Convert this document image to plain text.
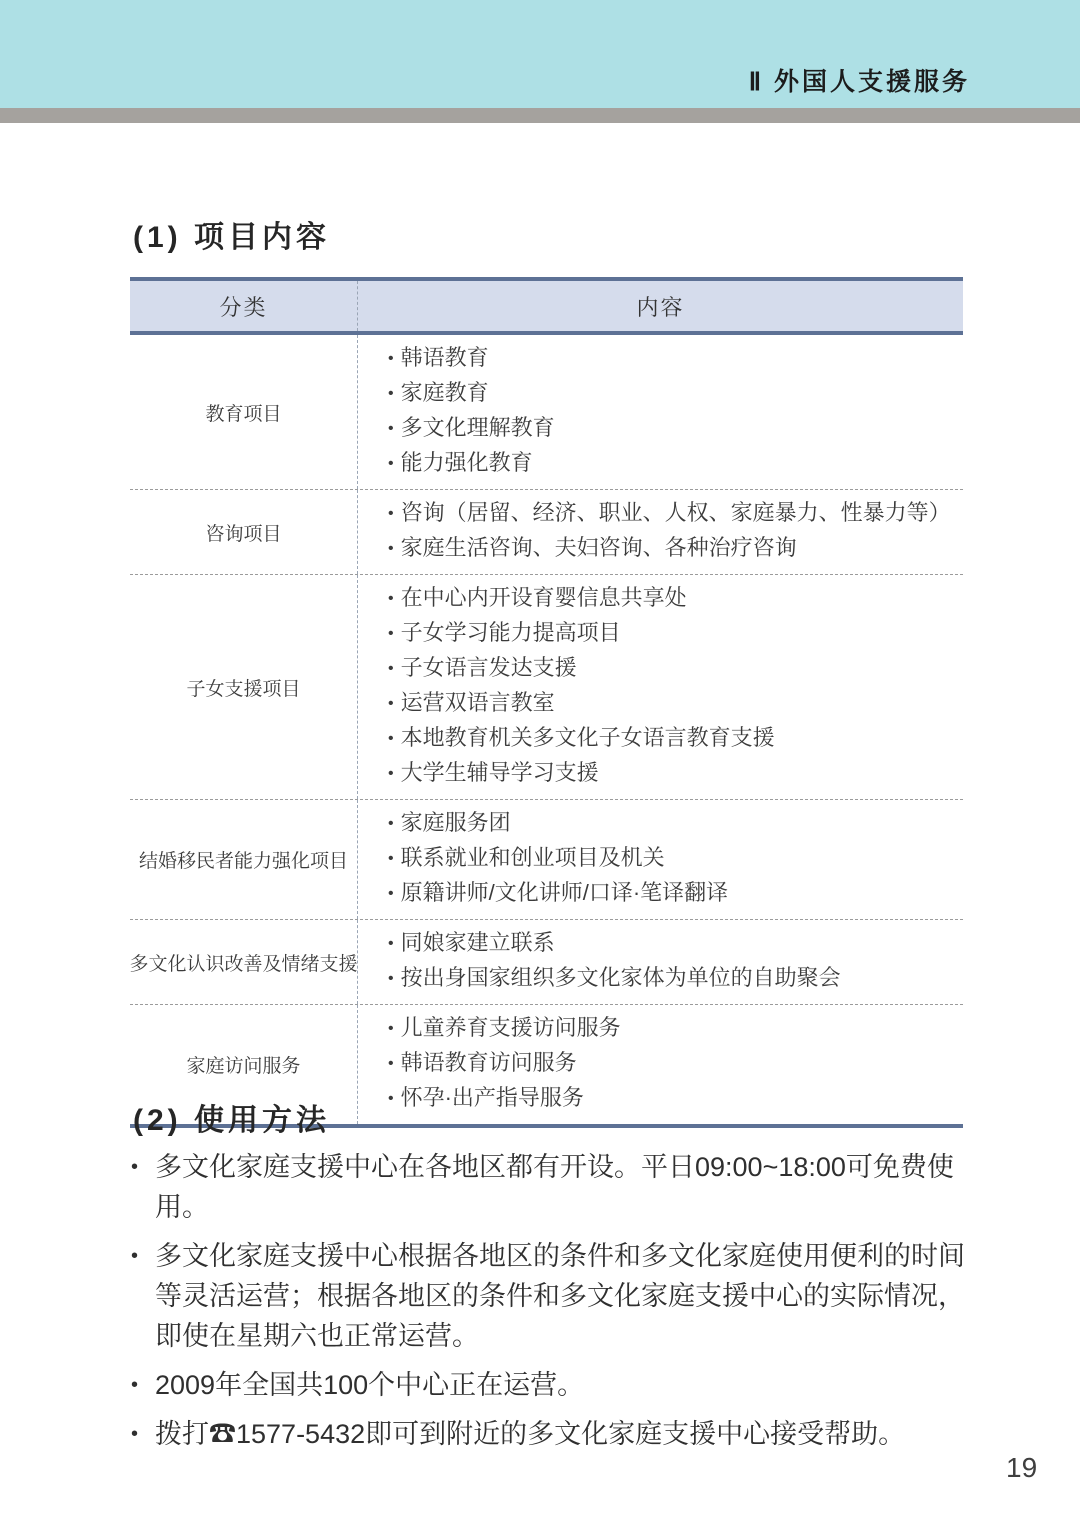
Ⅱ 外国人支援服务
(1) 项目内容
分类	内容
教育项目
• 韩语教育
• 家庭教育
• 多文化理解教育
• 能力强化教育
咨询项目
• 咨询（居留、经济、职业、人权、家庭暴力、性暴力等）
• 家庭生活咨询、夫妇咨询、各种治疗咨询
子女支援项目
• 在中心内开设育婴信息共享处
• 子女学习能力提高项目
• 子女语言发达支援
• 运营双语言教室
• 本地教育机关多文化子女语言教育支援
• 大学生辅导学习支援
结婚移民者能力强化项目
• 家庭服务团
• 联系就业和创业项目及机关
• 原籍讲师/文化讲师/口译·笔译翻译
多文化认识改善及情绪支援
• 同娘家建立联系
• 按出身国家组织多文化家体为单位的自助聚会
家庭访问服务
• 儿童养育支援访问服务
• 韩语教育访问服务
• 怀孕·出产指导服务
(2) 使用方法
• 多文化家庭支援中心在各地区都有开设。平日09:00~18:00可免费使用。
• 多文化家庭支援中心根据各地区的条件和多文化家庭使用便利的时间等灵活运营；根据各地区的条件和多文化家庭支援中心的实际情况，即使在星期六也正常运营。
• 2009年全国共100个中心正在运营。
• 拨打☎1577-5432即可到附近的多文化家庭支援中心接受帮助。
19
